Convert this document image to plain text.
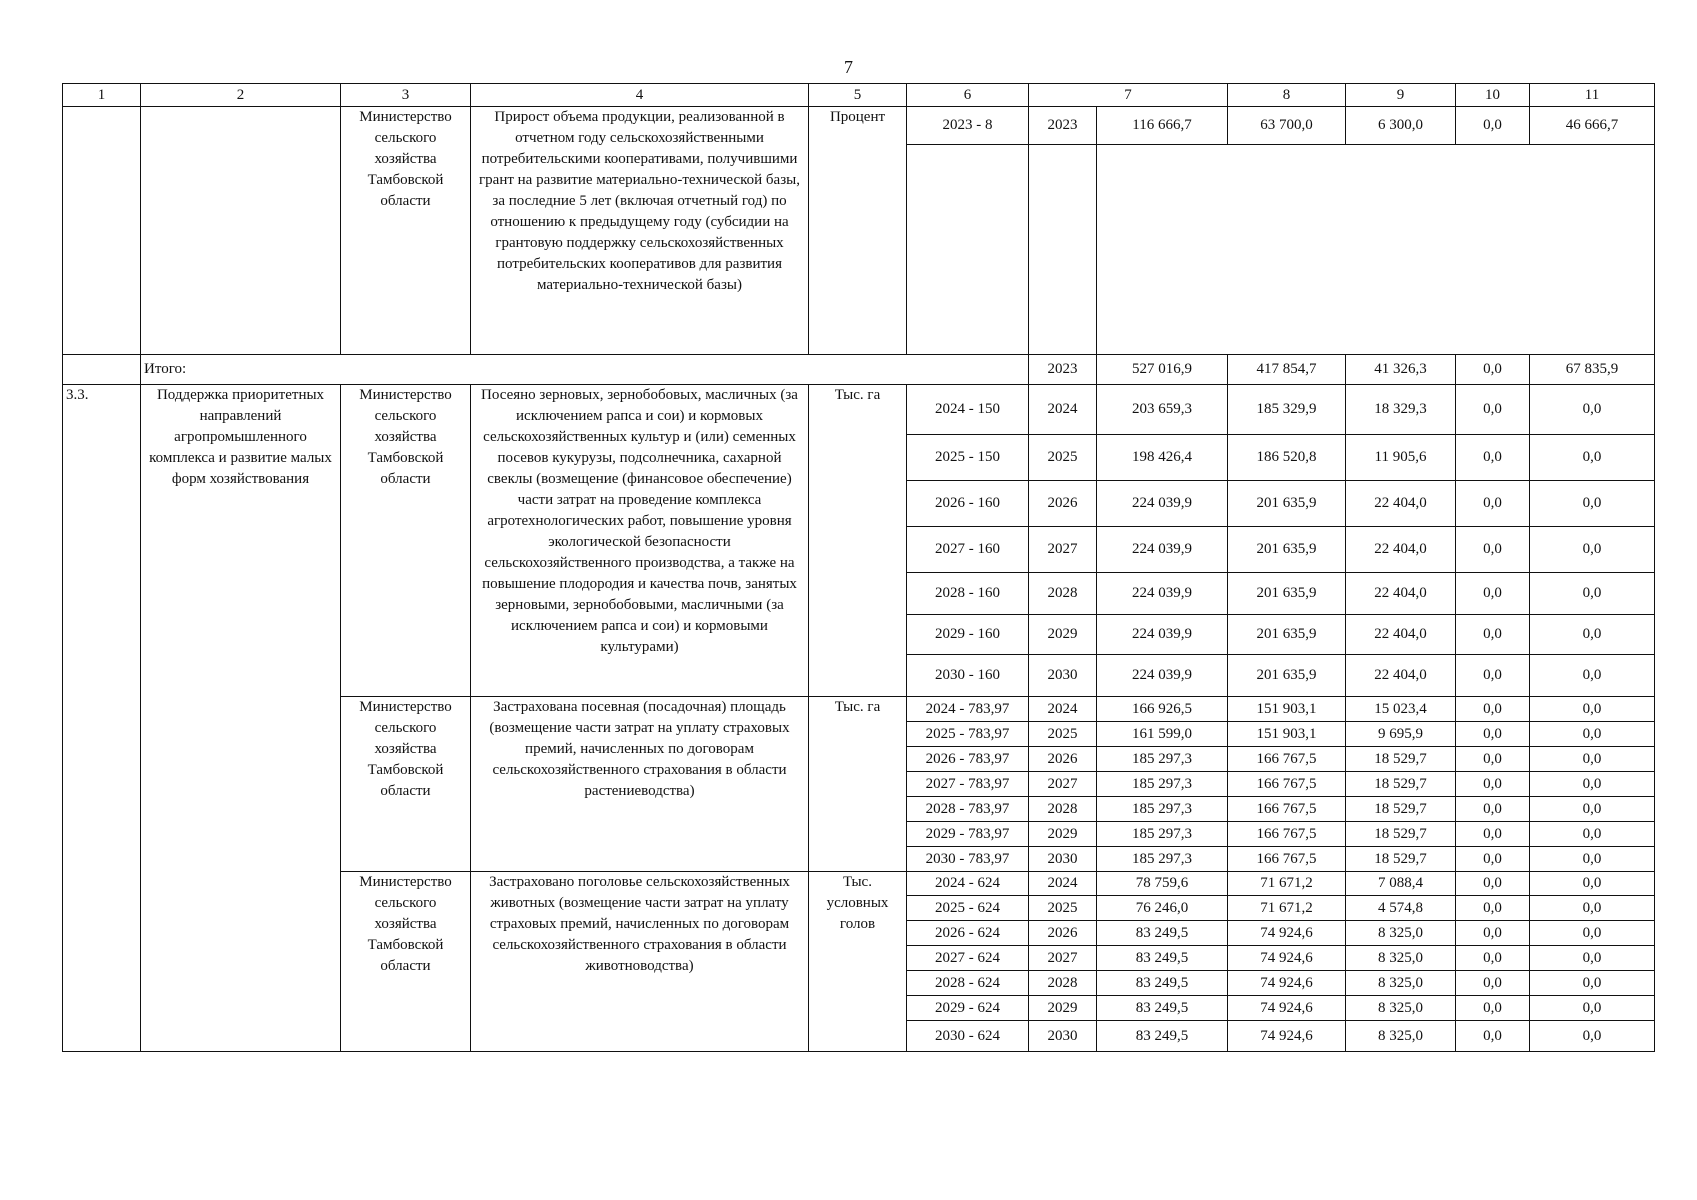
7
1	2	3	4	5	6	7		8	9	10	11
		Министерство сельского хозяйства Тамбовской области	Прирост объема продукции, реализованной в отчетном году сельскохозяйственными потребительскими кооперативами, получившими грант на развитие материально-технической базы, за последние 5 лет (включая отчетный год) по отношению к предыдущему году (субсидии на грантовую поддержку сельскохозяйственных потребительских кооперативов для развития материально-технической базы)	Процент	2023 - 8	2023	116 666,7	63 700,0	6 300,0	0,0	46 666,7

	Итого:					2023	527 016,9	417 854,7	41 326,3	0,0	67 835,9
3.3.	Поддержка приоритетных направлений агропромышленного комплекса и развитие малых форм хозяйствования	Министерство сельского хозяйства Тамбовской области	Посеяно зерновых, зернобобовых, масличных (за исключением рапса и сои) и кормовых сельскохозяйственных культур и (или) семенных посевов кукурузы, подсолнечника, сахарной свеклы (возмещение (финансовое обеспечение) части затрат на проведение комплекса агротехнологических работ, повышение уровня экологической безопасности сельскохозяйственного производства, а также на повышение плодородия и качества почв, занятых зерновыми, зернобобовыми, масличными (за исключением рапса и сои) и кормовыми культурами)	Тыс. га	2024 - 150	2024	203 659,3	185 329,9	18 329,3	0,0	0,0
					2025 - 150	2025	198 426,4	186 520,8	11 905,6	0,0	0,0
					2026 - 160	2026	224 039,9	201 635,9	22 404,0	0,0	0,0
					2027 - 160	2027	224 039,9	201 635,9	22 404,0	0,0	0,0
					2028 - 160	2028	224 039,9	201 635,9	22 404,0	0,0	0,0
					2029 - 160	2029	224 039,9	201 635,9	22 404,0	0,0	0,0
					2030 - 160	2030	224 039,9	201 635,9	22 404,0	0,0	0,0
		Министерство сельского хозяйства Тамбовской области	Застрахована посевная (посадочная) площадь (возмещение части затрат на уплату страховых премий, начисленных по договорам сельскохозяйственного страхования в области растениеводства)	Тыс. га	2024 - 783,97	2024	166 926,5	151 903,1	15 023,4	0,0	0,0
					2025 - 783,97	2025	161 599,0	151 903,1	9 695,9	0,0	0,0
					2026 - 783,97	2026	185 297,3	166 767,5	18 529,7	0,0	0,0
					2027 - 783,97	2027	185 297,3	166 767,5	18 529,7	0,0	0,0
					2028 - 783,97	2028	185 297,3	166 767,5	18 529,7	0,0	0,0
					2029 - 783,97	2029	185 297,3	166 767,5	18 529,7	0,0	0,0
					2030 - 783,97	2030	185 297,3	166 767,5	18 529,7	0,0	0,0
		Министерство сельского хозяйства Тамбовской области	Застраховано поголовье сельскохозяйственных животных (возмещение части затрат на уплату страховых премий, начисленных по договорам сельскохозяйственного страхования в области животноводства)	Тыс. условных голов	2024 - 624	2024	78 759,6	71 671,2	7 088,4	0,0	0,0
					2025 - 624	2025	76 246,0	71 671,2	4 574,8	0,0	0,0
					2026 - 624	2026	83 249,5	74 924,6	8 325,0	0,0	0,0
					2027 - 624	2027	83 249,5	74 924,6	8 325,0	0,0	0,0
					2028 - 624	2028	83 249,5	74 924,6	8 325,0	0,0	0,0
					2029 - 624	2029	83 249,5	74 924,6	8 325,0	0,0	0,0
					2030 - 624	2030	83 249,5	74 924,6	8 325,0	0,0	0,0
